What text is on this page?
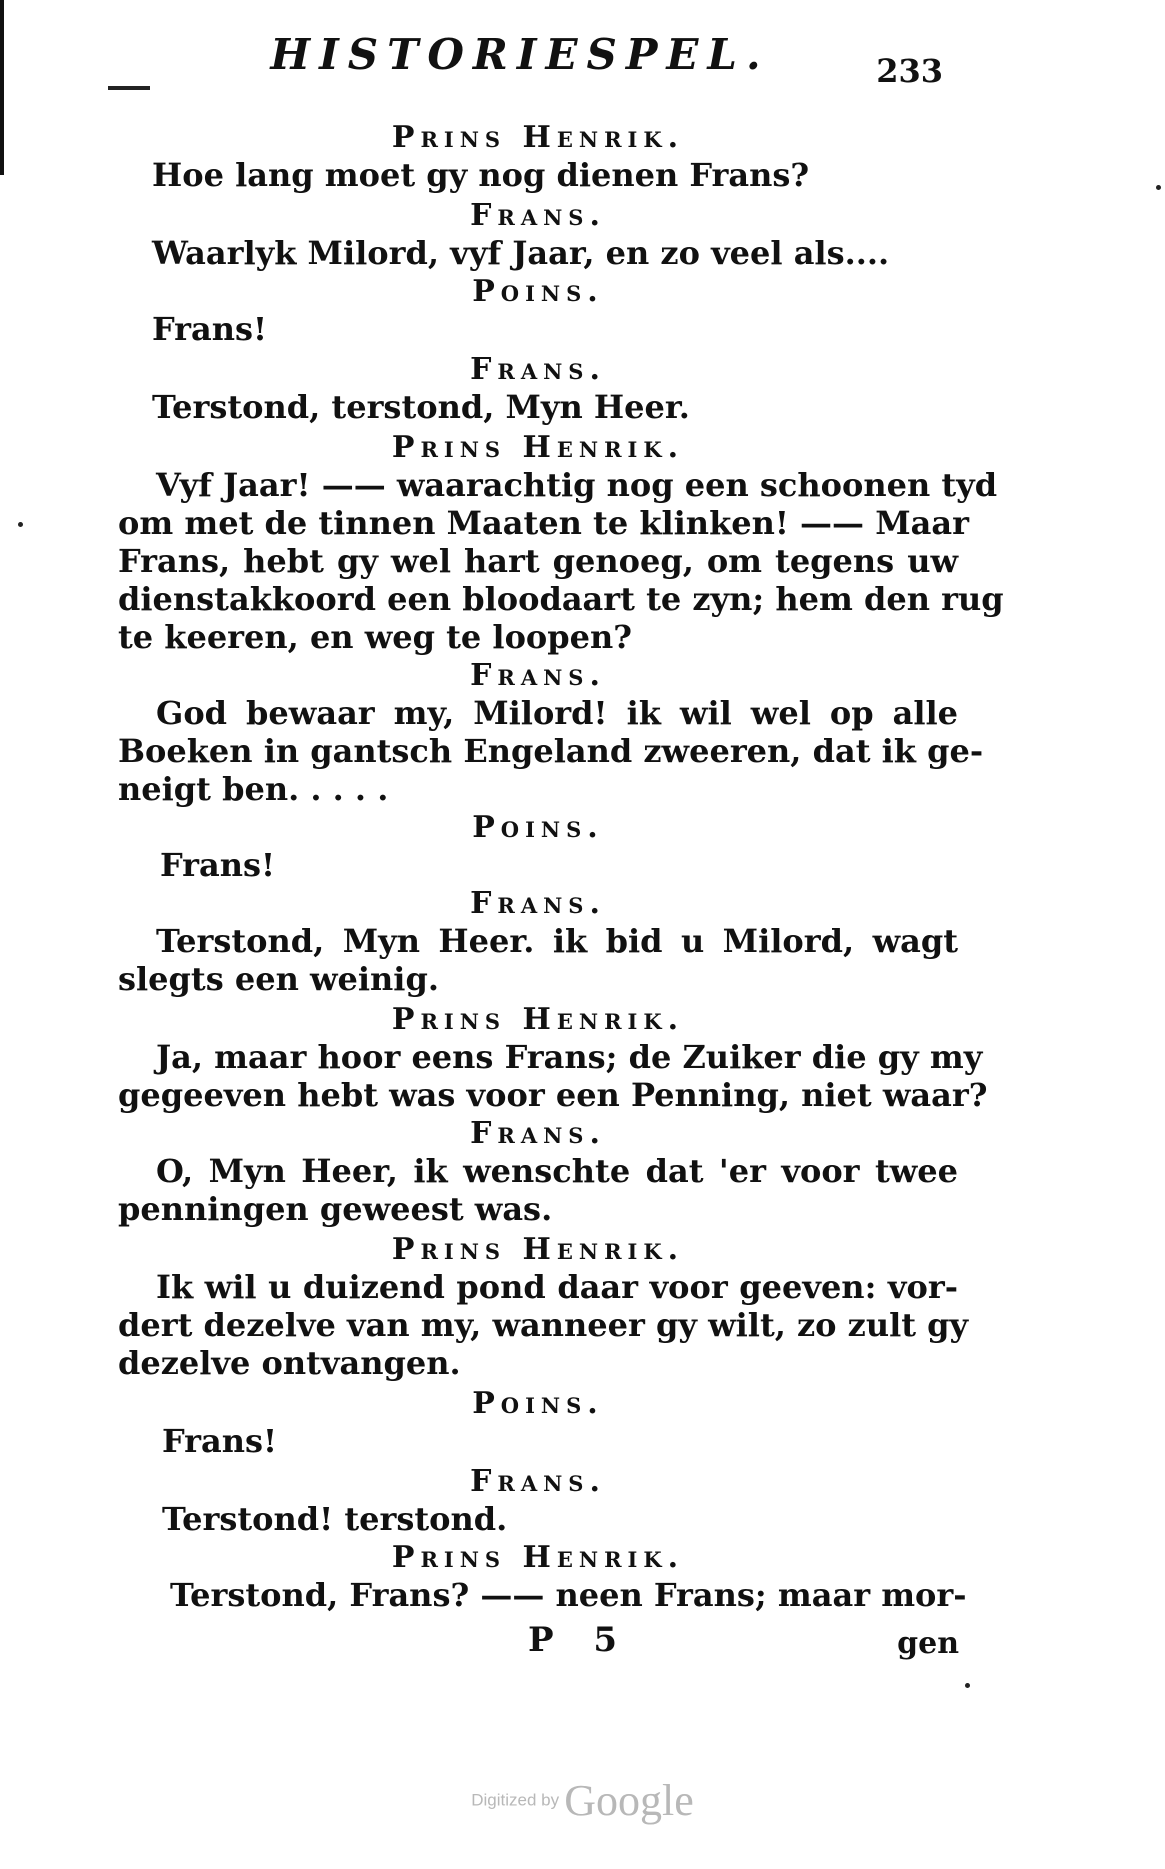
HISTORIESPEL.	233
Prins Henrik.
Hoe lang moet gy nog dienen Frans?
Frans.
Waarlyk Milord, vyf Jaar, en zo veel als....
Poins.
Frans!
Frans.
Terstond, terstond, Myn Heer.
Prins Henrik.
Vyf Jaar! —— waarachtig nog een schoonen tyd
om met de tinnen Maaten te klinken! —— Maar
Frans, hebt gy wel hart genoeg, om tegens uw
dienstakkoord een bloodaart te zyn; hem den rug
te keeren, en weg te loopen?
Frans.
God bewaar my, Milord! ik wil wel op alle
Boeken in gantsch Engeland zweeren, dat ik ge-
neigt ben. . . . .
Poins.
Frans!
Frans.
Terstond, Myn Heer. ik bid u Milord, wagt
slegts een weinig.
Prins Henrik.
Ja, maar hoor eens Frans; de Zuiker die gy my
gegeeven hebt was voor een Penning, niet waar?
Frans.
O, Myn Heer, ik wenschte dat 'er voor twee
penningen geweest was.
Prins Henrik.
Ik wil u duizend pond daar voor geeven: vor-
dert dezelve van my, wanneer gy wilt, zo zult gy
dezelve ontvangen.
Poins.
Frans!
Frans.
Terstond! terstond.
Prins Henrik.
Terstond, Frans? —— neen Frans; maar mor-
P 5	gen
Digitized by Google
